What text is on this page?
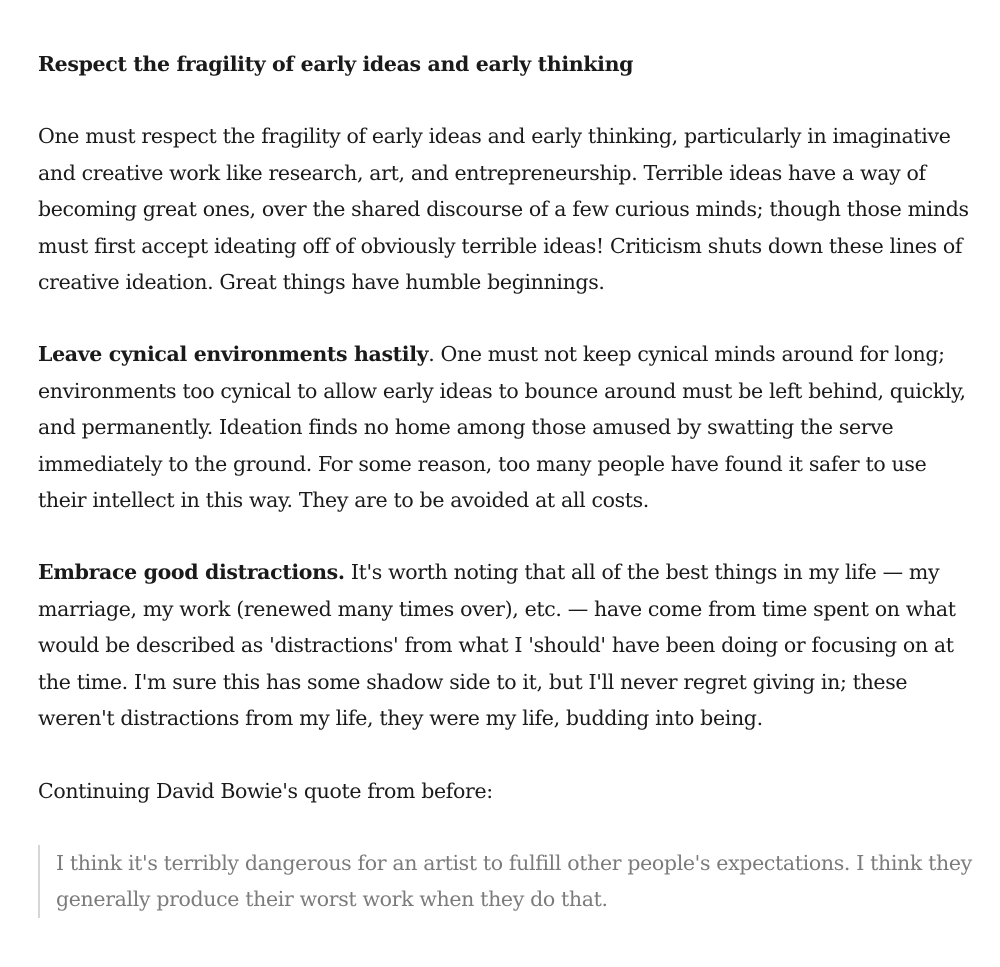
Respect the fragility of early ideas and early thinking

One must respect the fragility of early ideas and early thinking, particularly in imaginative and creative work like research, art, and entrepreneurship. Terrible ideas have a way of becoming great ones, over the shared discourse of a few curious minds; though those minds must first accept ideating off of obviously terrible ideas! Criticism shuts down these lines of creative ideation. Great things have humble beginnings.

Leave cynical environments hastily. One must not keep cynical minds around for long; environments too cynical to allow early ideas to bounce around must be left behind, quickly, and permanently. Ideation finds no home among those amused by swatting the serve immediately to the ground. For some reason, too many people have found it safer to use their intellect in this way. They are to be avoided at all costs.

Embrace good distractions. It's worth noting that all of the best things in my life — my marriage, my work (renewed many times over), etc. — have come from time spent on what would be described as 'distractions' from what I 'should' have been doing or focusing on at the time. I'm sure this has some shadow side to it, but I'll never regret giving in; these weren't distractions from my life, they were my life, budding into being.

Continuing David Bowie's quote from before:

I think it's terribly dangerous for an artist to fulfill other people's expectations. I think they generally produce their worst work when they do that.
